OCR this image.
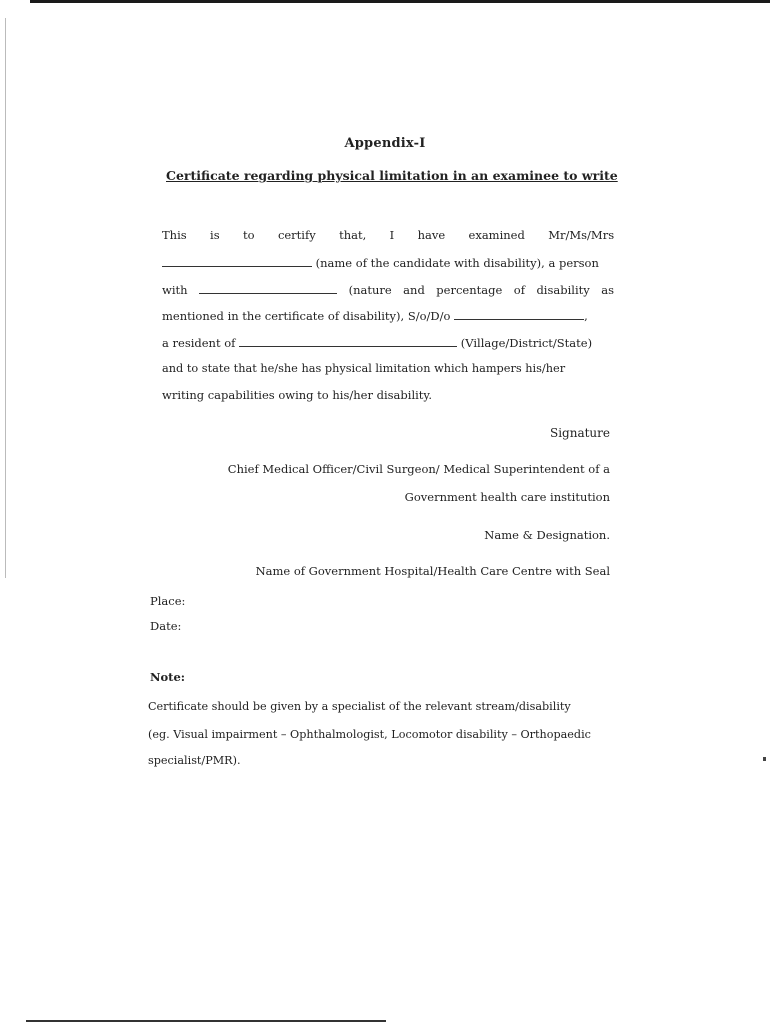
Appendix-I
Certificate regarding physical limitation in an examinee to write
This is to certify that, I have examined Mr/Ms/Mrs
(name of the candidate with disability), a person
with	(nature and percentage of disability as
mentioned in the certificate of disability), S/o/D/o	,
a resident of	(Village/District/State)
and to state that he/she has physical limitation which hampers his/her
writing capabilities owing to his/her disability.
Signature
Chief Medical Officer/Civil Surgeon/ Medical Superintendent of a
Government health care institution
Name & Designation.
Name of Government Hospital/Health Care Centre with Seal
Place:
Date:
Note:
Certificate should be given by a specialist of the relevant stream/disability
(eg. Visual impairment – Ophthalmologist, Locomotor disability – Orthopaedic
specialist/PMR).
